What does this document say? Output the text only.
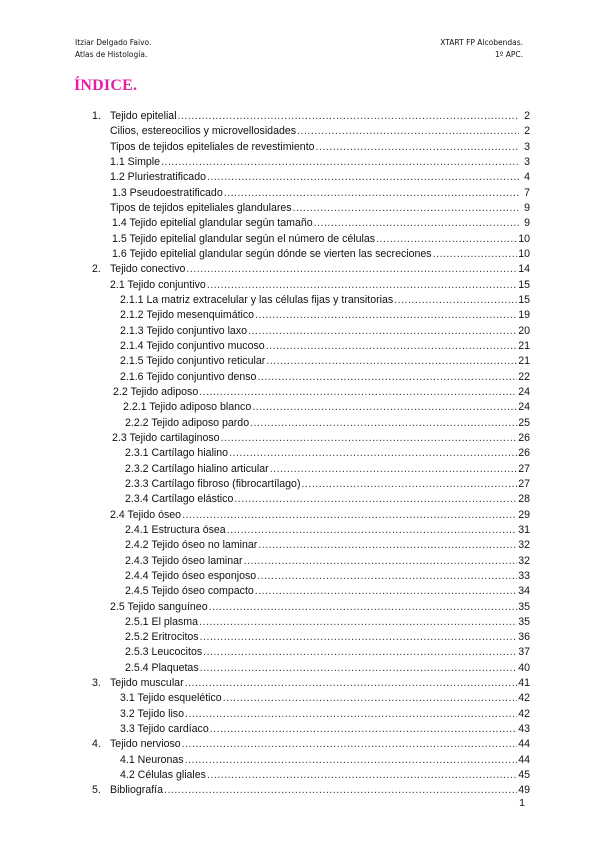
Itziar Delgado Faivo.
Atlas de Histología.
XTART FP Alcobendas.
1º APC.
ÍNDICE.
1. Tejido epitelial .....	2
Cilios, estereocilios y microvellosidades .....	2
Tipos de tejidos epiteliales de revestimiento .....	3
1.1 Simple .....	3
1.2 Pluriestratificado .....	4
1.3 Pseudoestratificado .....	7
Tipos de tejidos epiteliales glandulares .....	9
1.4 Tejido epitelial glandular según tamaño .....	9
1.5 Tejido epitelial glandular según el número de células .....	10
1.6 Tejido epitelial glandular según dónde se vierten las secreciones .....	10
2. Tejido conectivo .....	14
2.1 Tejido conjuntivo .....	15
2.1.1 La matriz extracelular y las células fijas y transitorias .....	15
2.1.2 Tejido mesenquimático .....	19
2.1.3 Tejido conjuntivo laxo .....	20
2.1.4 Tejido conjuntivo mucoso .....	21
2.1.5 Tejido conjuntivo reticular .....	21
2.1.6 Tejido conjuntivo denso .....	22
2.2 Tejido adiposo .....	24
2.2.1 Tejido adiposo blanco .....	24
2.2.2 Tejido adiposo pardo .....	25
2.3 Tejido cartilaginoso .....	26
2.3.1 Cartílago hialino .....	26
2.3.2 Cartílago hialino articular .....	27
2.3.3 Cartílago fibroso (fibrocartílago) .....	27
2.3.4 Cartílago elástico .....	28
2.4 Tejido óseo .....	29
2.4.1 Estructura ósea .....	31
2.4.2 Tejido óseo no laminar .....	32
2.4.3 Tejido óseo laminar .....	32
2.4.4 Tejido óseo esponjoso .....	33
2.4.5 Tejido óseo compacto .....	34
2.5 Tejido sanguíneo .....	35
2.5.1 El plasma .....	35
2.5.2 Eritrocitos .....	36
2.5.3 Leucocitos .....	37
2.5.4 Plaquetas .....	40
3. Tejido muscular .....	41
3.1 Tejido esquelético .....	42
3.2 Tejido liso .....	42
3.3 Tejido cardíaco .....	43
4. Tejido nervioso .....	44
4.1 Neuronas .....	44
4.2 Células gliales .....	45
5. Bibliografía .....	49
1
